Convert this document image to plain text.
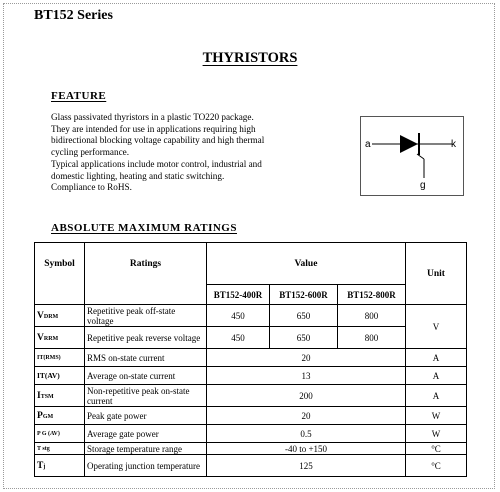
BT152 Series
THYRISTORS
FEATURE
Glass passivated thyristors in a plastic TO220 package.
They are intended for use in applications requiring high
bidirectional blocking voltage capability and high thermal
cycling performance.
Typical applications include motor control, industrial and
domestic lighting, heating and static switching.
Compliance to RoHS.
a	k
g
ABSOLUTE MAXIMUM RATINGS
Symbol	Ratings	Value			Unit
		BT152-400R	BT152-600R	BT152-800R	
VDRM	Repetitive peak off-state voltage	450	650	800	V
VRRM	Repetitive peak reverse voltage	450	650	800	
IT(RMS)	RMS on-state current	20			A
IT(AV)	Average on-state current	13			A
ITSM	Non-repetitive peak on-state current	200			A
PGM	Peak gate power	20			W
P G (AV)	Average gate power	0.5			W
T stg	Storage temperature range	-40 to +150			°C
Tj	Operating junction temperature	125			°C
